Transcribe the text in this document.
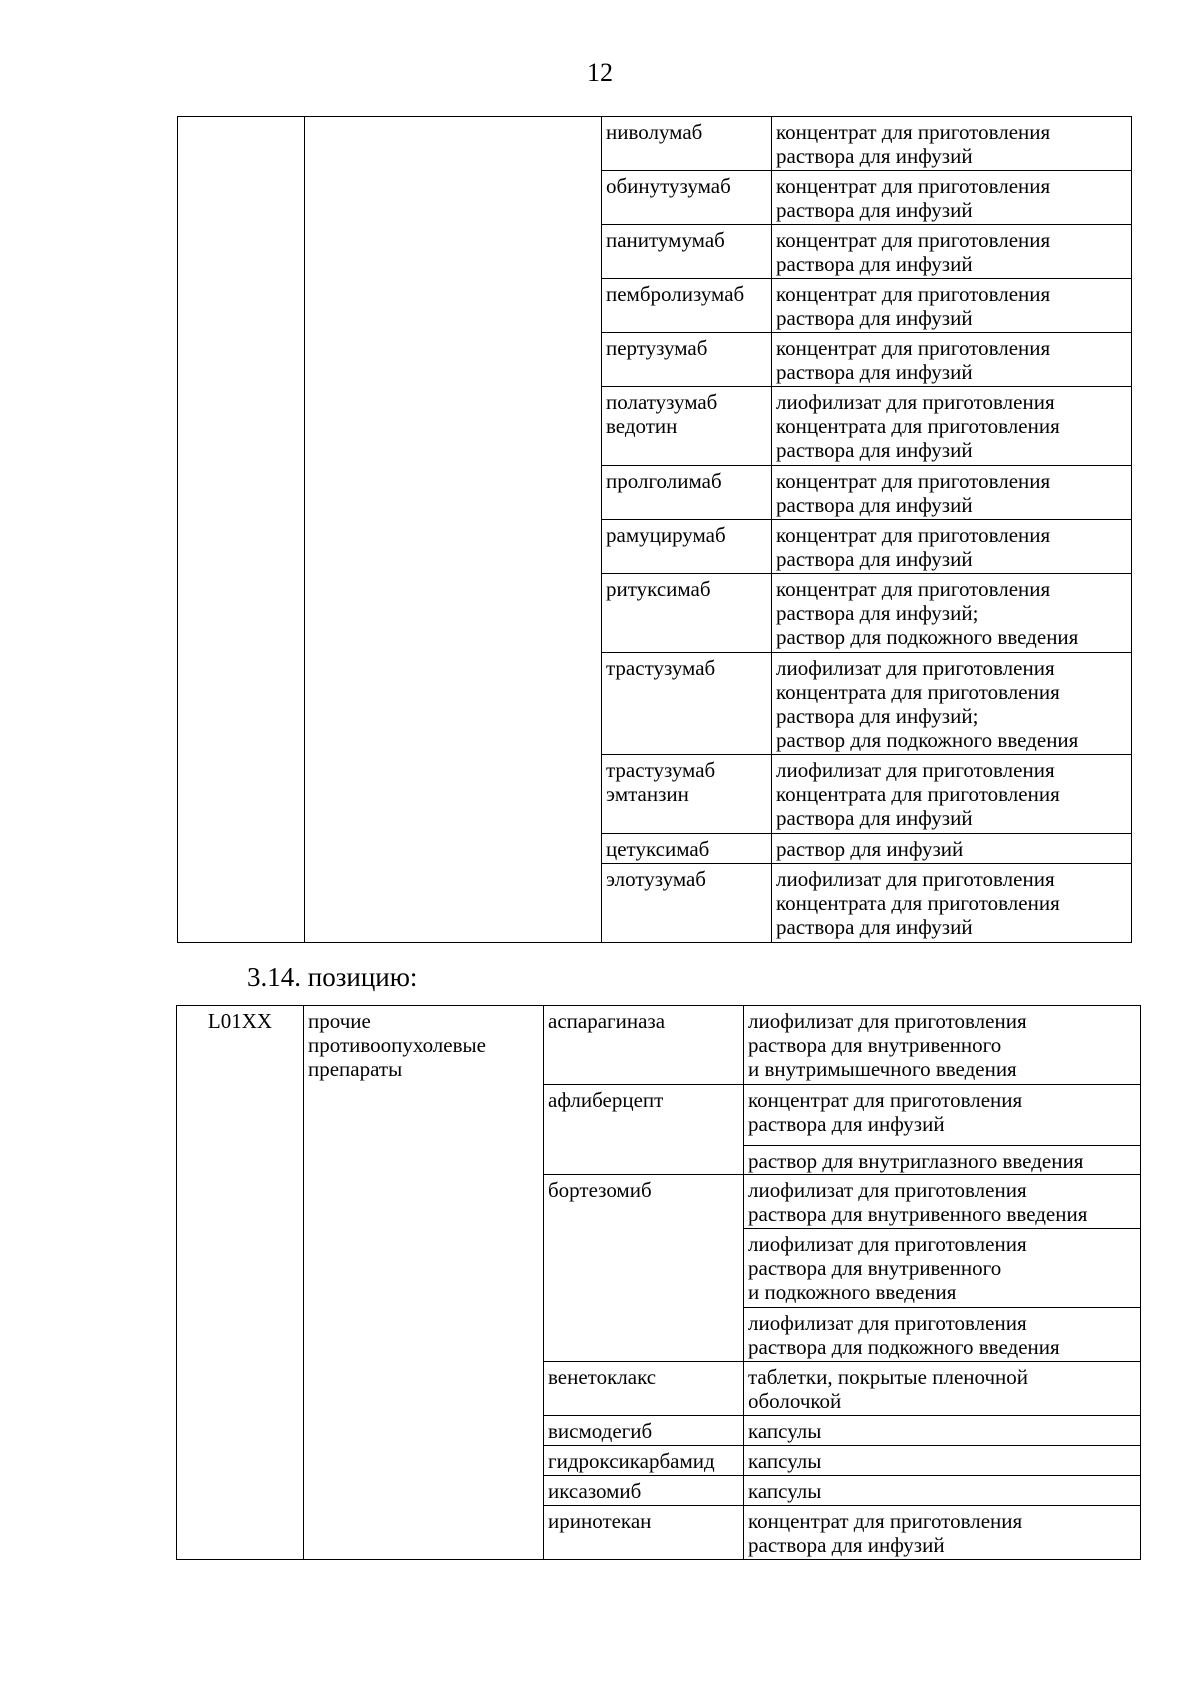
12
		ниволумаб	концентрат для приготовления
раствора для инфузий
		обинутузумаб	концентрат для приготовления
раствора для инфузий
		панитумумаб	концентрат для приготовления
раствора для инфузий
		пембролизумаб	концентрат для приготовления
раствора для инфузий
		пертузумаб	концентрат для приготовления
раствора для инфузий
		полатузумаб
ведотин	лиофилизат для приготовления
концентрата для приготовления
раствора для инфузий
		пролголимаб	концентрат для приготовления
раствора для инфузий
		рамуцирумаб	концентрат для приготовления
раствора для инфузий
		ритуксимаб	концентрат для приготовления
раствора для инфузий;
раствор для подкожного введения
		трастузумаб	лиофилизат для приготовления
концентрата для приготовления
раствора для инфузий;
раствор для подкожного введения
		трастузумаб
эмтанзин	лиофилизат для приготовления
концентрата для приготовления
раствора для инфузий
		цетуксимаб	раствор для инфузий
		элотузумаб	лиофилизат для приготовления
концентрата для приготовления
раствора для инфузий
3.14. позицию:
L01XX	прочие
противоопухолевые
препараты	аспарагиназа	лиофилизат для приготовления
раствора для внутривенного
и внутримышечного введения
		афлиберцепт	концентрат для приготовления
раствора для инфузий
			раствор для внутриглазного введения
		бортезомиб	лиофилизат для приготовления
раствора для внутривенного введения
			лиофилизат для приготовления
раствора для внутривенного
и подкожного введения
			лиофилизат для приготовления
раствора для подкожного введения
		венетоклакс	таблетки, покрытые пленочной
оболочкой
		висмодегиб	капсулы
		гидроксикарбамид	капсулы
		иксазомиб	капсулы
		иринотекан	концентрат для приготовления
раствора для инфузий
